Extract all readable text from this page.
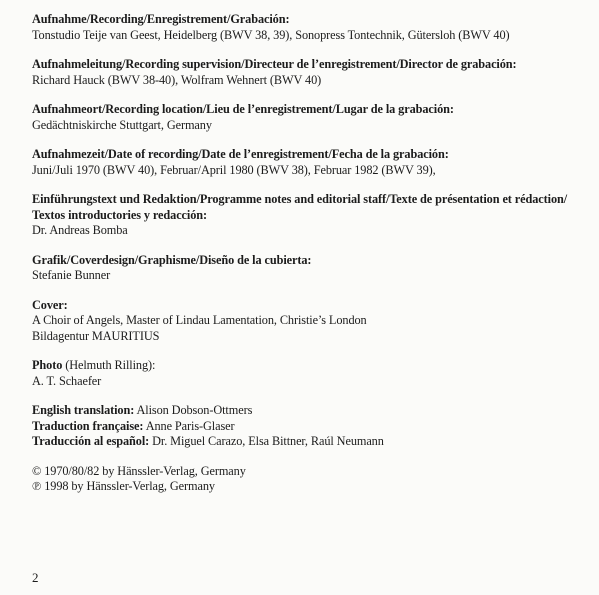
Aufnahme/Recording/Enregistrement/Grabación:
Tonstudio Teije van Geest, Heidelberg (BWV 38, 39), Sonopress Tontechnik, Gütersloh (BWV 40)
Aufnahmeleitung/Recording supervision/Directeur de l’enregistrement/Director de grabación:
Richard Hauck (BWV 38-40), Wolfram Wehnert (BWV 40)
Aufnahmeort/Recording location/Lieu de l’enregistrement/Lugar de la grabación:
Gedächtniskirche Stuttgart, Germany
Aufnahmezeit/Date of recording/Date de l’enregistrement/Fecha de la grabación:
Juni/Juli 1970 (BWV 40), Februar/April 1980 (BWV 38), Februar 1982 (BWV 39),
Einführungstext und Redaktion/Programme notes and editorial staff/Texte de présentation et rédaction/
Textos introductories y redacción:
Dr. Andreas Bomba
Grafik/Coverdesign/Graphisme/Diseño de la cubierta:
Stefanie Bunner
Cover:
A Choir of Angels, Master of Lindau Lamentation, Christie’s London
Bildagentur MAURITIUS
Photo (Helmuth Rilling):
A. T. Schaefer
English translation: Alison Dobson-Ottmers
Traduction française: Anne Paris-Glaser
Traducción al español: Dr. Miguel Carazo, Elsa Bittner, Raúl Neumann
© 1970/80/82 by Hänssler-Verlag, Germany
℗ 1998 by Hänssler-Verlag, Germany
2
